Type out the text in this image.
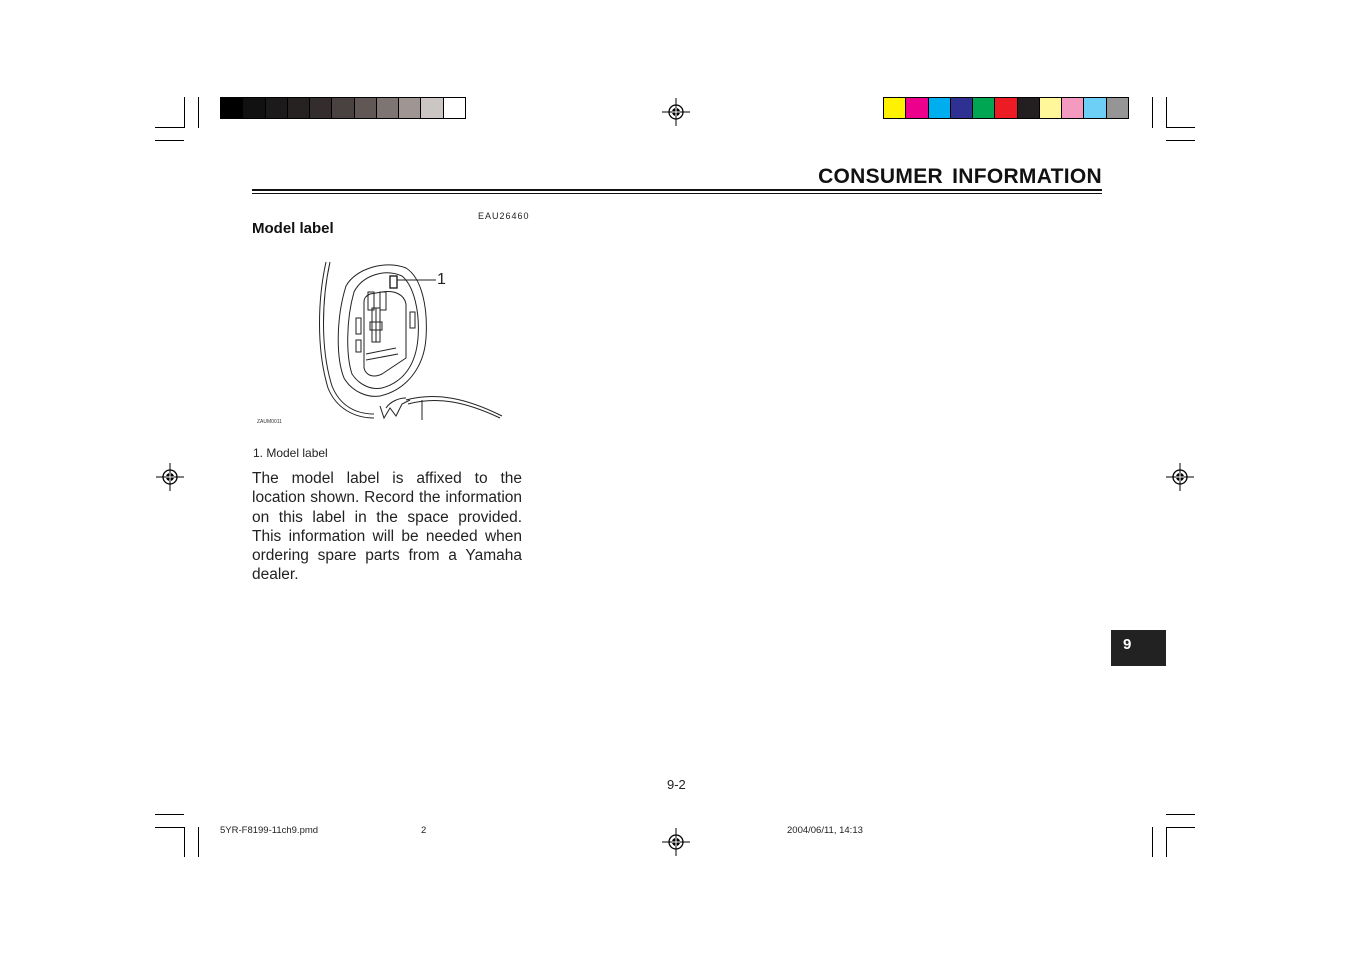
CONSUMER INFORMATION
EAU26460
Model label
1
ZAUM0011
1. Model label
The model label is affixed to the location shown. Record the information on this label in the space provided. This information will be needed when ordering spare parts from a Yamaha dealer.
9
9-2
5YR-F8199-11ch9.pmd	2	2004/06/11, 14:13
